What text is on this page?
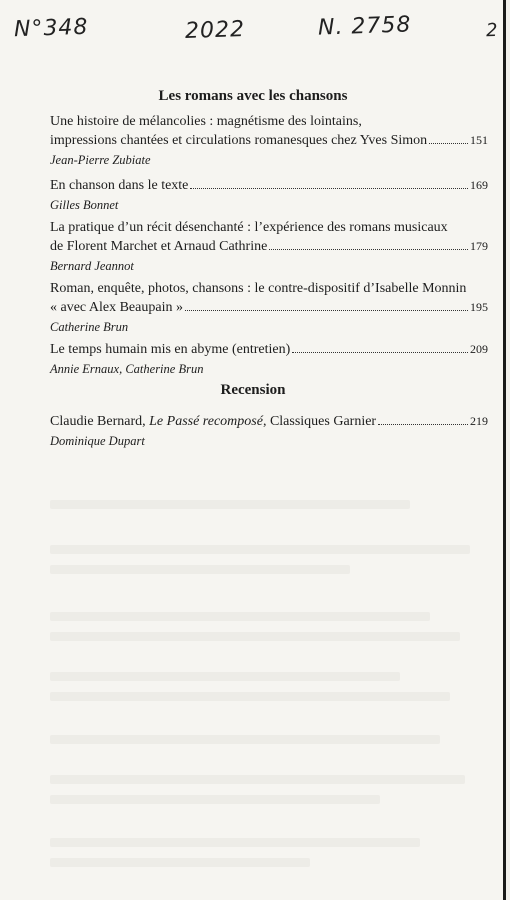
N°348	2022	N. 2758	2
Les romans avec les chansons
Une histoire de mélancolies : magnétisme des lointains,
impressions chantées et circulations romanesques chez Yves Simon	151
Jean-Pierre Zubiate
En chanson dans le texte	169
Gilles Bonnet
La pratique d’un récit désenchanté : l’expérience des romans musicaux
de Florent Marchet et Arnaud Cathrine	179
Bernard Jeannot
Roman, enquête, photos, chansons : le contre-dispositif d’Isabelle Monnin
« avec Alex Beaupain »	195
Catherine Brun
Le temps humain mis en abyme (entretien)	209
Annie Ernaux, Catherine Brun
Recension
Claudie Bernard, Le Passé recomposé, Classiques Garnier	219
Dominique Dupart
